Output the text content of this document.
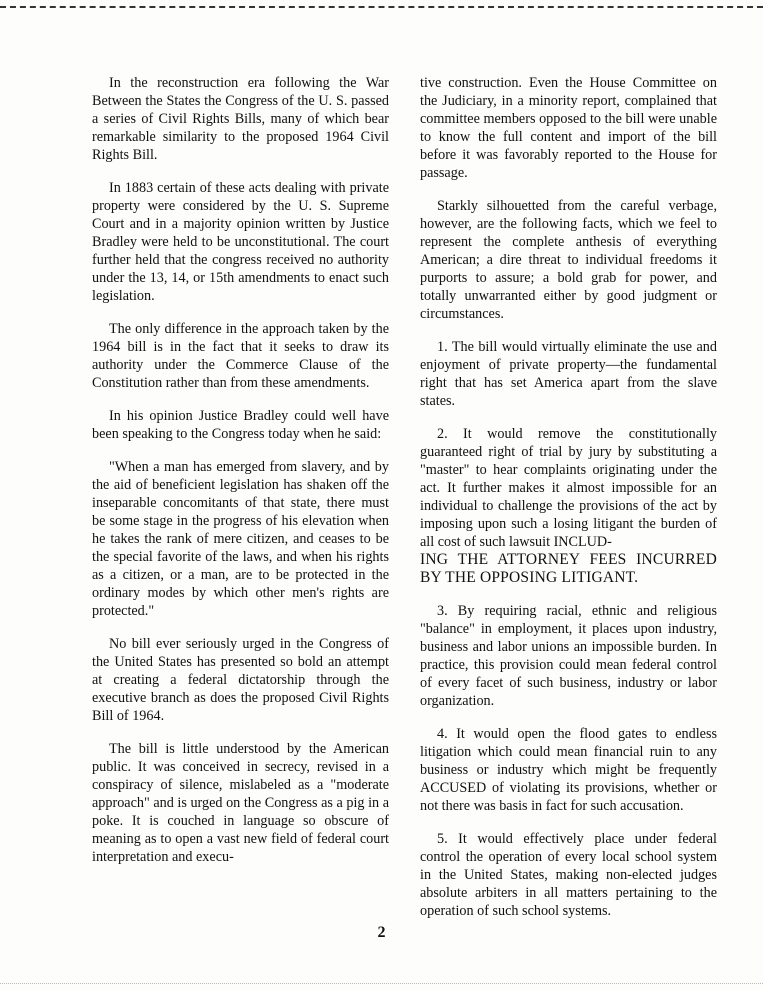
In the reconstruction era following the War Between the States the Congress of the U. S. passed a series of Civil Rights Bills, many of which bear remarkable similarity to the proposed 1964 Civil Rights Bill.

In 1883 certain of these acts dealing with private property were considered by the U. S. Supreme Court and in a majority opinion written by Justice Bradley were held to be unconstitutional. The court further held that the congress received no authority under the 13, 14, or 15th amendments to enact such legislation.

The only difference in the approach taken by the 1964 bill is in the fact that it seeks to draw its authority under the Commerce Clause of the Constitution rather than from these amendments.

In his opinion Justice Bradley could well have been speaking to the Congress today when he said:

"When a man has emerged from slavery, and by the aid of beneficient legislation has shaken off the inseparable concomitants of that state, there must be some stage in the progress of his elevation when he takes the rank of mere citizen, and ceases to be the special favorite of the laws, and when his rights as a citizen, or a man, are to be protected in the ordinary modes by which other men's rights are protected."

No bill ever seriously urged in the Congress of the United States has presented so bold an attempt at creating a federal dictatorship through the executive branch as does the proposed Civil Rights Bill of 1964.

The bill is little understood by the American public. It was conceived in secrecy, revised in a conspiracy of silence, mislabeled as a "moderate approach" and is urged on the Congress as a pig in a poke. It is couched in language so obscure of meaning as to open a vast new field of federal court interpretation and execu-

tive construction. Even the House Committee on the Judiciary, in a minority report, complained that committee members opposed to the bill were unable to know the full content and import of the bill before it was favorably reported to the House for passage.

Starkly silhouetted from the careful verbage, however, are the following facts, which we feel to represent the complete anthesis of everything American; a dire threat to individual freedoms it purports to assure; a bold grab for power, and totally unwarranted either by good judgment or circumstances.

1. The bill would virtually eliminate the use and enjoyment of private property—the fundamental right that has set America apart from the slave states.

2. It would remove the constitutionally guaranteed right of trial by jury by substituting a "master" to hear complaints originating under the act. It further makes it almost impossible for an individual to challenge the provisions of the act by imposing upon such a losing litigant the burden of all cost of such lawsuit INCLUD-

ING THE ATTORNEY FEES INCURRED BY THE OPPOSING LITIGANT.

3. By requiring racial, ethnic and religious "balance" in employment, it places upon industry, business and labor unions an impossible burden. In practice, this provision could mean federal control of every facet of such business, industry or labor organization.

4. It would open the flood gates to endless litigation which could mean financial ruin to any business or industry which might be frequently ACCUSED of violating its provisions, whether or not there was basis in fact for such accusation.

5. It would effectively place under federal control the operation of every local school system in the United States, making non-elected judges absolute arbiters in all matters pertaining to the operation of such school systems.

2
